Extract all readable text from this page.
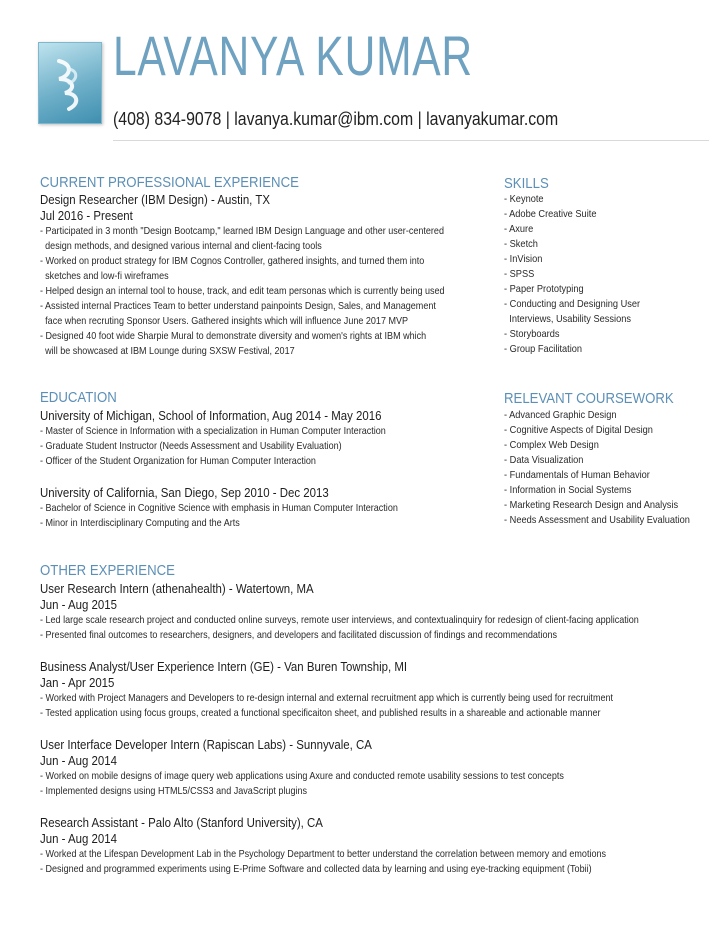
LAVANYA KUMAR

(408) 834-9078 | lavanya.kumar@ibm.com | lavanyakumar.com

CURRENT PROFESSIONAL EXPERIENCE

Design Researcher (IBM Design) - Austin, TX

Jul 2016 - Present

- Participated in 3 month "Design Bootcamp," learned IBM Design Language and other user-centered

design methods, and designed various internal and client-facing tools

- Worked on product strategy for IBM Cognos Controller, gathered insights, and turned them into

sketches and low-fi wireframes

- Helped design an internal tool to house, track, and edit team personas which is currently being used

- Assisted internal Practices Team to better understand painpoints Design, Sales, and Management

face when recruting Sponsor Users. Gathered insights which will influence June 2017 MVP

- Designed 40 foot wide Sharpie Mural to demonstrate diversity and women's rights at IBM which

will be showcased at IBM Lounge during SXSW Festival, 2017

SKILLS

- Keynote

- Adobe Creative Suite

- Axure

- Sketch

- InVision

- SPSS

- Paper Prototyping

- Conducting and Designing User

Interviews, Usability Sessions

- Storyboards

- Group Facilitation

EDUCATION

University of Michigan, School of Information, Aug 2014 - May 2016

- Master of Science in Information with a specialization in Human Computer Interaction

- Graduate Student Instructor (Needs Assessment and Usability Evaluation)

- Officer of the Student Organization for Human Computer Interaction

University of California, San Diego, Sep 2010 - Dec 2013

- Bachelor of Science in Cognitive Science with emphasis in Human Computer Interaction

- Minor in Interdisciplinary Computing and the Arts

RELEVANT COURSEWORK

- Advanced Graphic Design

- Cognitive Aspects of Digital Design

- Complex Web Design

- Data Visualization

- Fundamentals of Human Behavior

- Information in Social Systems

- Marketing Research Design and Analysis

- Needs Assessment and Usability Evaluation

OTHER EXPERIENCE

User Research Intern (athenahealth) - Watertown, MA

Jun - Aug 2015

- Led large scale research project and conducted online surveys, remote user interviews, and contextualinquiry for redesign of client-facing application

- Presented final outcomes to researchers, designers, and developers and facilitated discussion of findings and recommendations

Business Analyst/User Experience Intern (GE) - Van Buren Township, MI

Jan - Apr 2015

- Worked with Project Managers and Developers to re-design internal and external recruitment app which is currently being used for recruitment

- Tested application using focus groups, created a functional specificaiton sheet, and published results in a shareable and actionable manner

User Interface Developer Intern (Rapiscan Labs) - Sunnyvale, CA

Jun - Aug 2014

- Worked on mobile designs of image query web applications using Axure and conducted remote usability sessions to test concepts

- Implemented designs using HTML5/CSS3 and JavaScript plugins

Research Assistant - Palo Alto (Stanford University), CA

Jun - Aug 2014

- Worked at the Lifespan Development Lab in the Psychology Department to better understand the correlation between memory and emotions

- Designed and programmed experiments using E-Prime Software and collected data by learning and using eye-tracking equipment (Tobii)
